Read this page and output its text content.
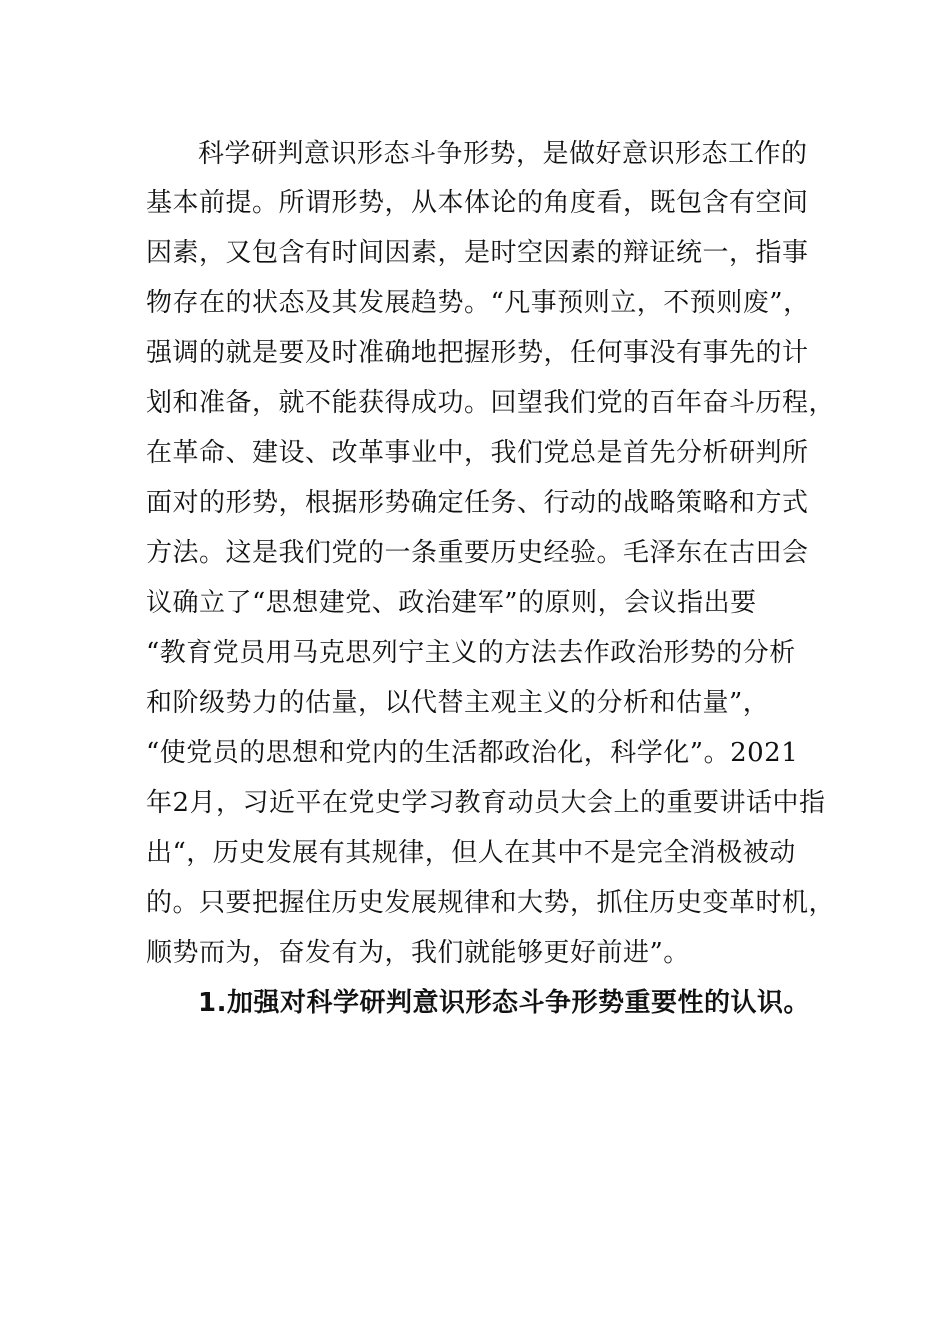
科学研判意识形态斗争形势，是做好意识形态工作的
基本前提。所谓形势，从本体论的角度看，既包含有空间
因素，又包含有时间因素，是时空因素的辩证统一，指事
物存在的状态及其发展趋势。“凡事预则立，不预则废”，
强调的就是要及时准确地把握形势，任何事没有事先的计
划和准备，就不能获得成功。回望我们党的百年奋斗历程，
在革命、建设、改革事业中，我们党总是首先分析研判所
面对的形势，根据形势确定任务、行动的战略策略和方式
方法。这是我们党的一条重要历史经验。毛泽东在古田会
议确立了“思想建党、政治建军”的原则，会议指出要
“教育党员用马克思列宁主义的方法去作政治形势的分析
和阶级势力的估量，以代替主观主义的分析和估量”，
“使党员的思想和党内的生活都政治化，科学化”。2021
年2月，习近平在党史学习教育动员大会上的重要讲话中指
出“，历史发展有其规律，但人在其中不是完全消极被动
的。只要把握住历史发展规律和大势，抓住历史变革时机，
顺势而为，奋发有为，我们就能够更好前进”。
1.加强对科学研判意识形态斗争形势重要性的认识。
